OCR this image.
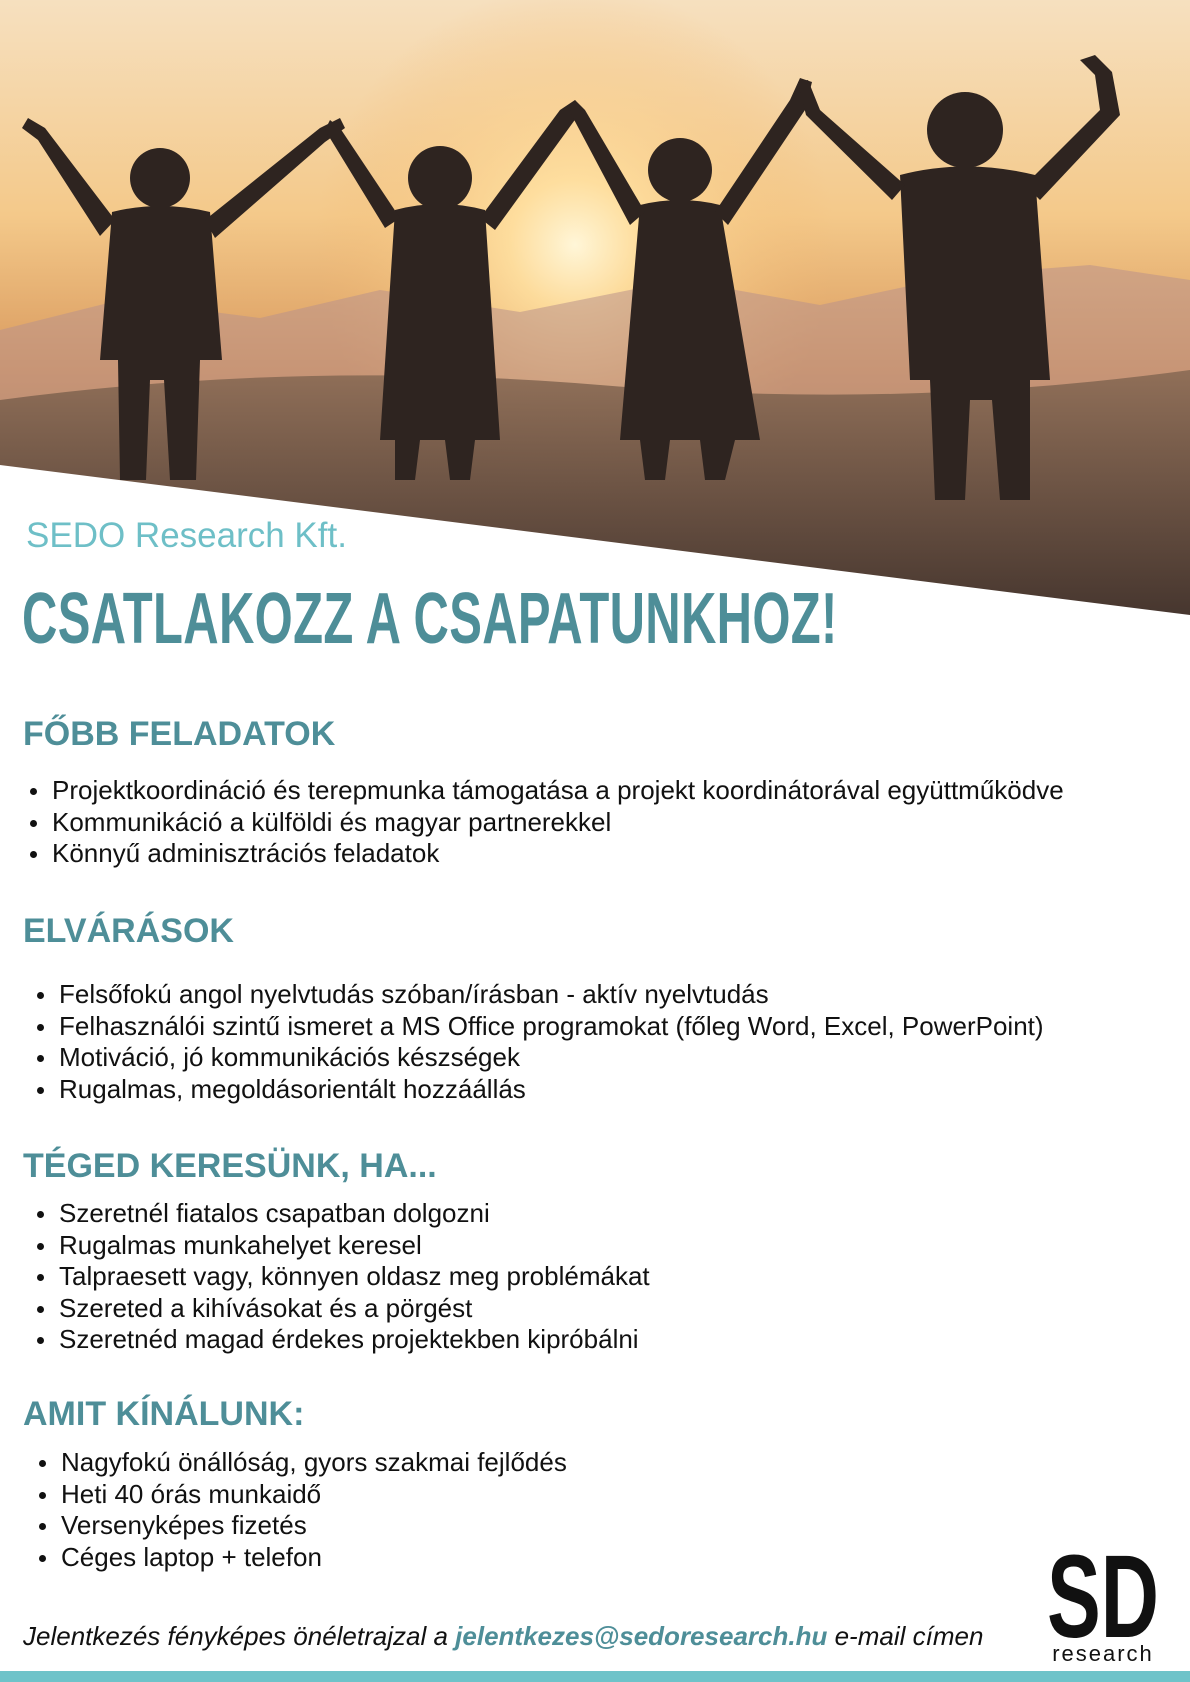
SEDO Research Kft.
CSATLAKOZZ A CSAPATUNKHOZ!
FŐBB FELADATOK
Projektkoordináció és terepmunka támogatása a projekt koordinátorával együttműködve
Kommunikáció a külföldi és magyar partnerekkel
Könnyű adminisztrációs feladatok
ELVÁRÁSOK
Felsőfokú angol nyelvtudás szóban/írásban - aktív nyelvtudás
Felhasználói szintű ismeret a MS Office programokat (főleg Word, Excel, PowerPoint)
Motiváció, jó kommunikációs készségek
Rugalmas, megoldásorientált hozzáállás
TÉGED KERESÜNK, HA...
Szeretnél fiatalos csapatban dolgozni
Rugalmas munkahelyet keresel
Talpraesett vagy, könnyen oldasz meg problémákat
Szereted a kihívásokat és a pörgést
Szeretnéd magad érdekes projektekben kipróbálni
AMIT KÍNÁLUNK:
Nagyfokú önállóság, gyors szakmai fejlődés
Heti 40 órás munkaidő
Versenyképes fizetés
Céges laptop + telefon
Jelentkezés fényképes önéletrajzal a jelentkezes@sedoresearch.hu e-mail címen SD
research
